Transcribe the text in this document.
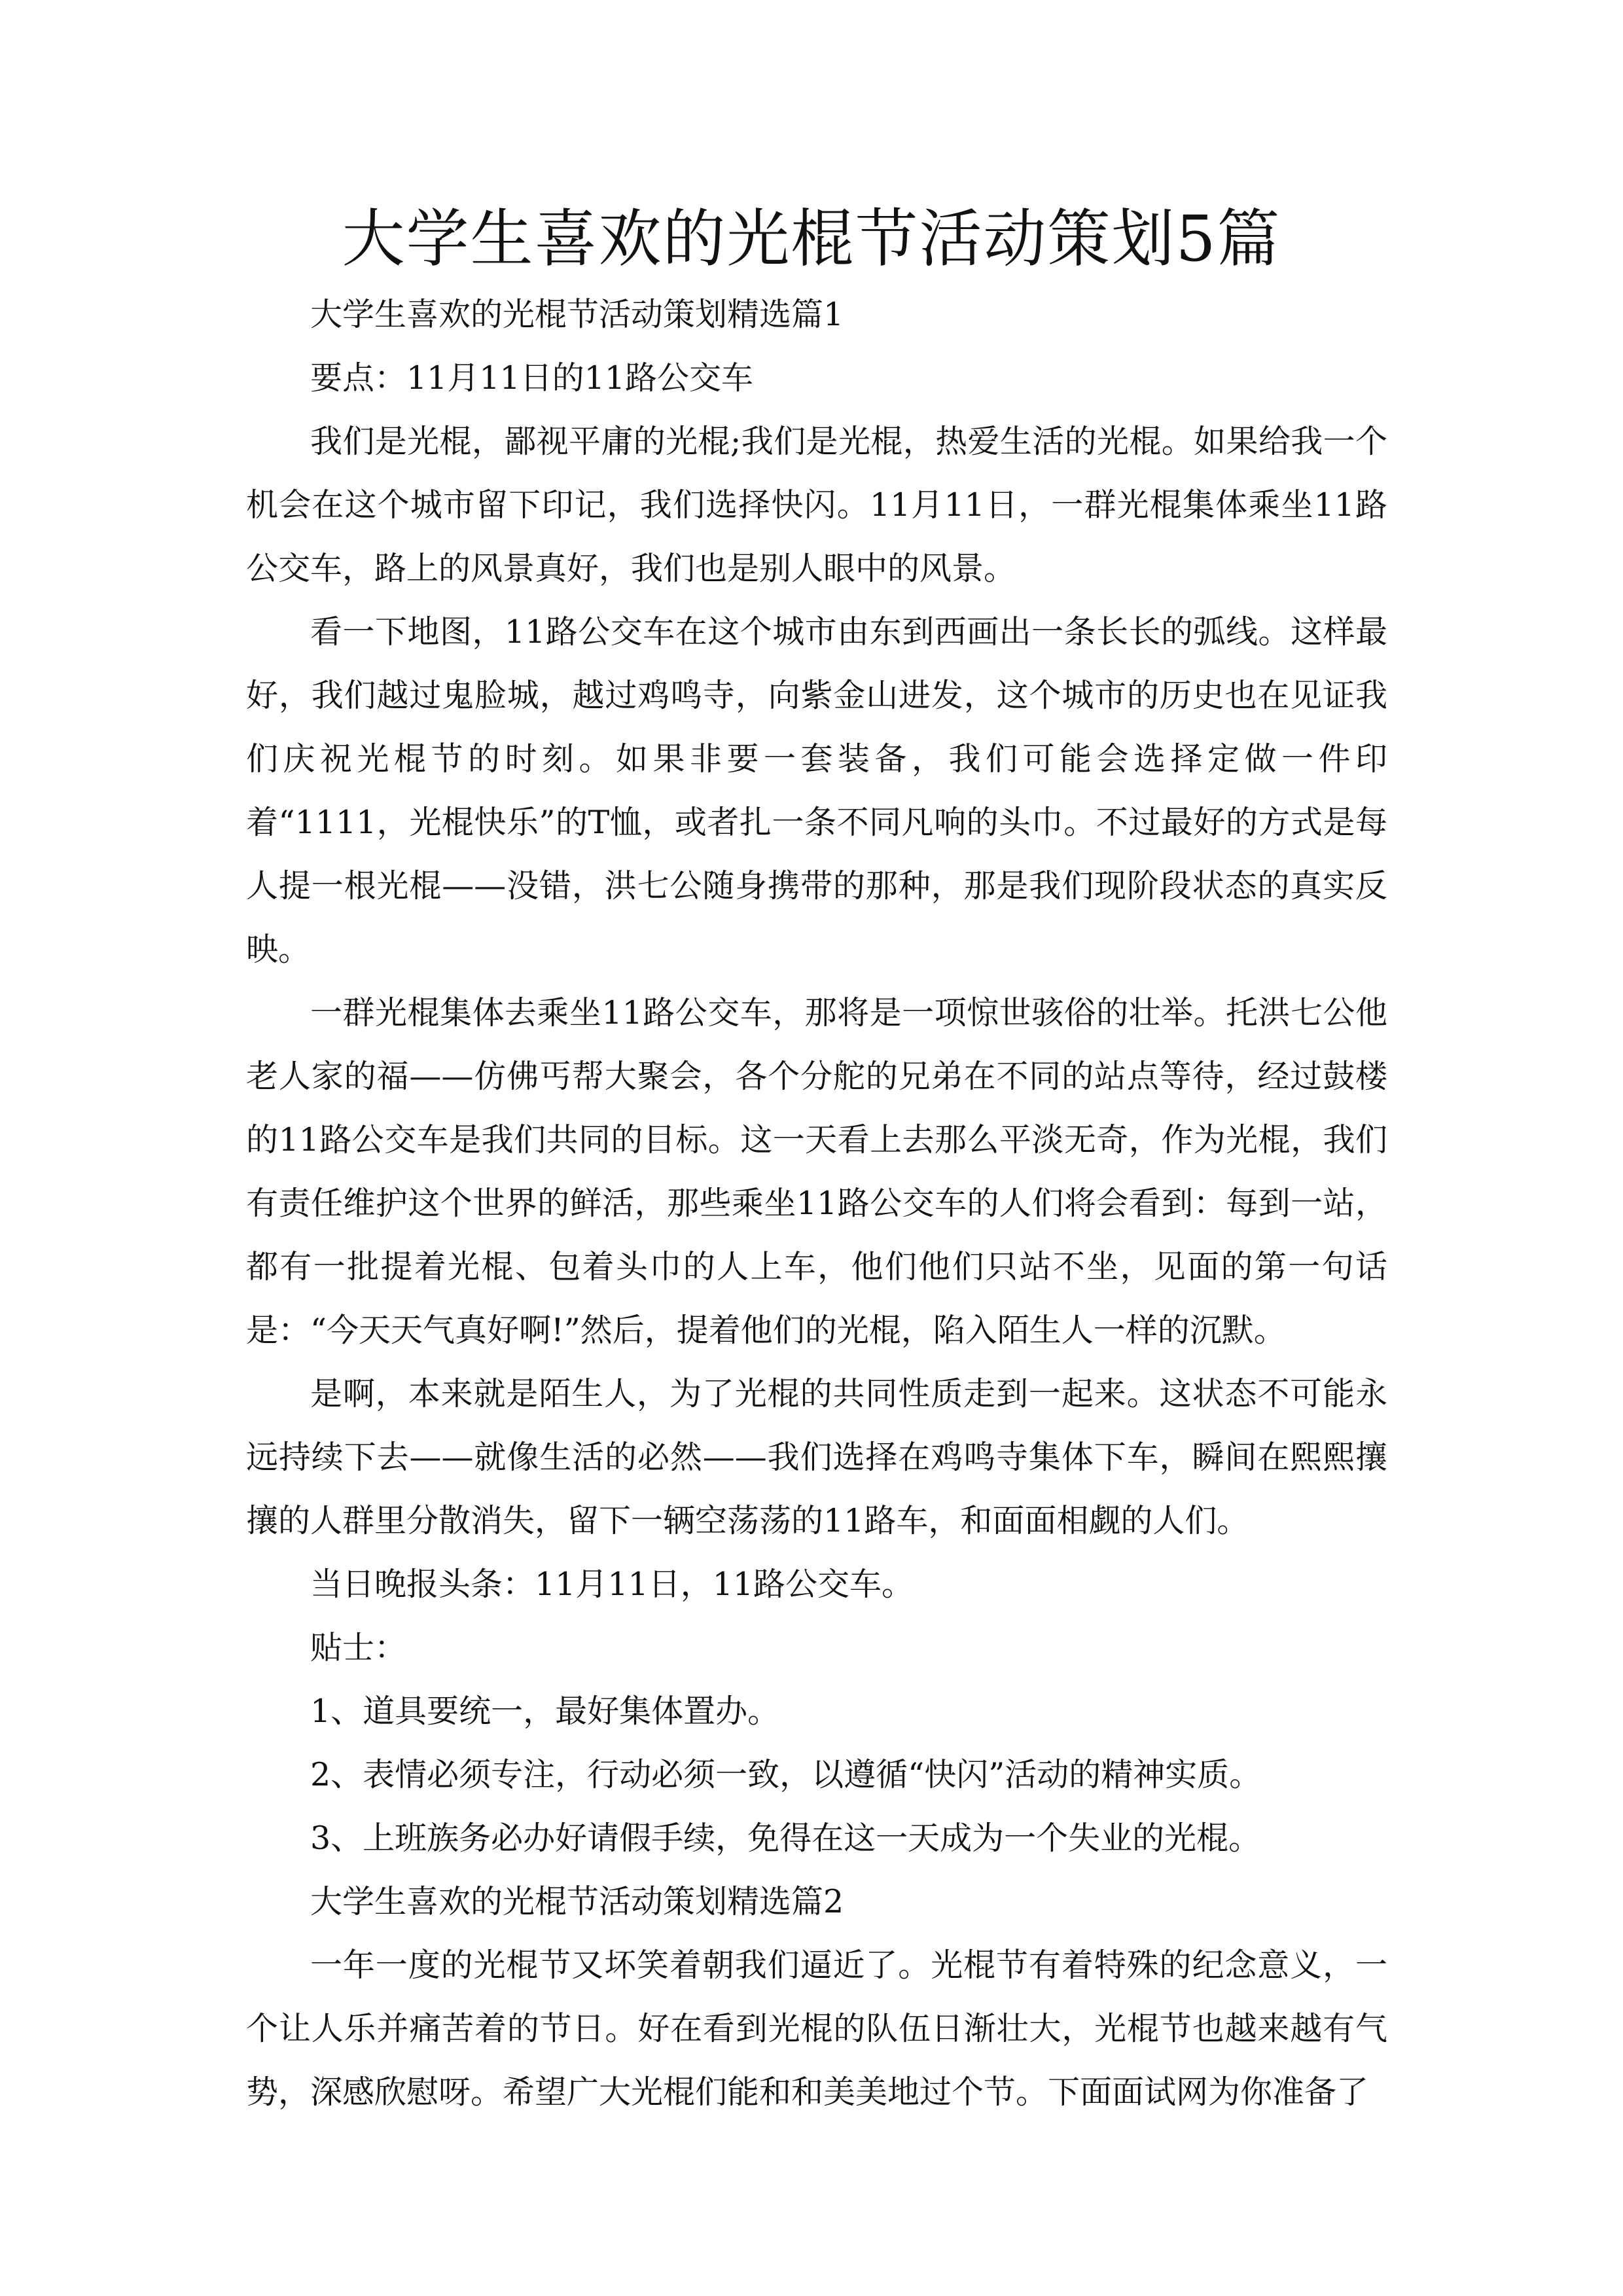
大学生喜欢的光棍节活动策划5篇

大学生喜欢的光棍节活动策划精选篇1

要点：11月11日的11路公交车

我们是光棍，鄙视平庸的光棍;我们是光棍，热爱生活的光棍。如果给我一个机会在这个城市留下印记，我们选择快闪。11月11日，一群光棍集体乘坐11路公交车，路上的风景真好，我们也是别人眼中的风景。

看一下地图，11路公交车在这个城市由东到西画出一条长长的弧线。这样最好，我们越过鬼脸城，越过鸡鸣寺，向紫金山进发，这个城市的历史也在见证我们庆祝光棍节的时刻。如果非要一套装备，我们可能会选择定做一件印着“1111，光棍快乐”的T恤，或者扎一条不同凡响的头巾。不过最好的方式是每人提一根光棍——没错，洪七公随身携带的那种，那是我们现阶段状态的真实反映。

一群光棍集体去乘坐11路公交车，那将是一项惊世骇俗的壮举。托洪七公他老人家的福——仿佛丐帮大聚会，各个分舵的兄弟在不同的站点等待，经过鼓楼的11路公交车是我们共同的目标。这一天看上去那么平淡无奇，作为光棍，我们有责任维护这个世界的鲜活，那些乘坐11路公交车的人们将会看到：每到一站，都有一批提着光棍、包着头巾的人上车，他们他们只站不坐，见面的第一句话是：“今天天气真好啊!”然后，提着他们的光棍，陷入陌生人一样的沉默。

是啊，本来就是陌生人，为了光棍的共同性质走到一起来。这状态不可能永远持续下去——就像生活的必然——我们选择在鸡鸣寺集体下车，瞬间在熙熙攘攘的人群里分散消失，留下一辆空荡荡的11路车，和面面相觑的人们。

当日晚报头条：11月11日，11路公交车。

贴士：

1、道具要统一，最好集体置办。

2、表情必须专注，行动必须一致，以遵循“快闪”活动的精神实质。

3、上班族务必办好请假手续，免得在这一天成为一个失业的光棍。

大学生喜欢的光棍节活动策划精选篇2

一年一度的光棍节又坏笑着朝我们逼近了。光棍节有着特殊的纪念意义，一个让人乐并痛苦着的节日。好在看到光棍的队伍日渐壮大，光棍节也越来越有气势，深感欣慰呀。希望广大光棍们能和和美美地过个节。下面面试网为你准备了
